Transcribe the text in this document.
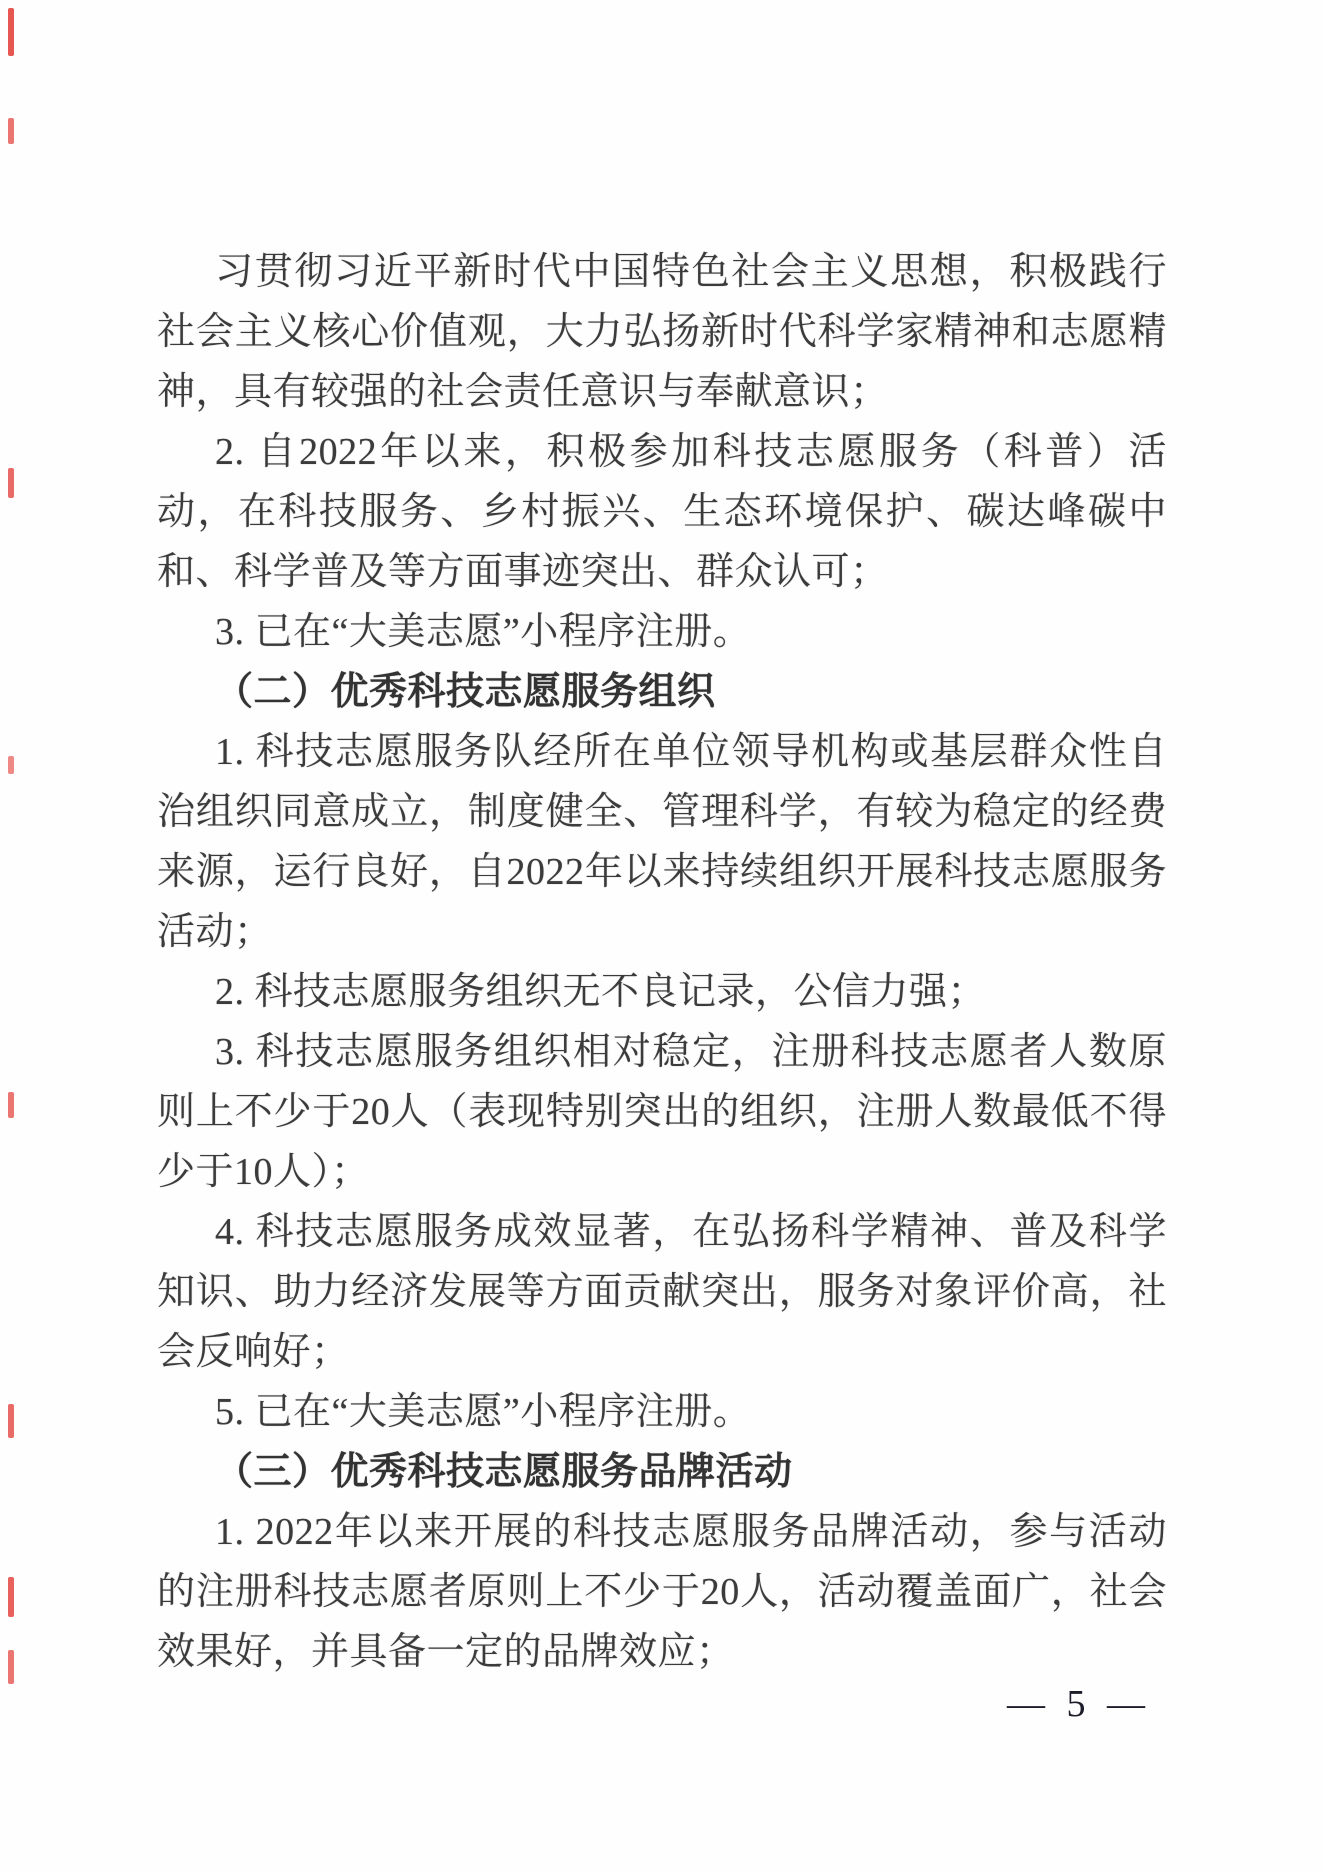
习贯彻习近平新时代中国特色社会主义思想，积极践行社会主义核心价值观，大力弘扬新时代科学家精神和志愿精神，具有较强的社会责任意识与奉献意识；

2. 自2022年以来，积极参加科技志愿服务（科普）活动，在科技服务、乡村振兴、生态环境保护、碳达峰碳中和、科学普及等方面事迹突出、群众认可；

3. 已在“大美志愿”小程序注册。

（二）优秀科技志愿服务组织

1. 科技志愿服务队经所在单位领导机构或基层群众性自治组织同意成立，制度健全、管理科学，有较为稳定的经费来源，运行良好，自2022年以来持续组织开展科技志愿服务活动；

2. 科技志愿服务组织无不良记录，公信力强；

3. 科技志愿服务组织相对稳定，注册科技志愿者人数原则上不少于20人（表现特别突出的组织，注册人数最低不得少于10人）；

4. 科技志愿服务成效显著，在弘扬科学精神、普及科学知识、助力经济发展等方面贡献突出，服务对象评价高，社会反响好；

5. 已在“大美志愿”小程序注册。

（三）优秀科技志愿服务品牌活动

1. 2022年以来开展的科技志愿服务品牌活动，参与活动的注册科技志愿者原则上不少于20人，活动覆盖面广，社会效果好，并具备一定的品牌效应；

— 5 —
